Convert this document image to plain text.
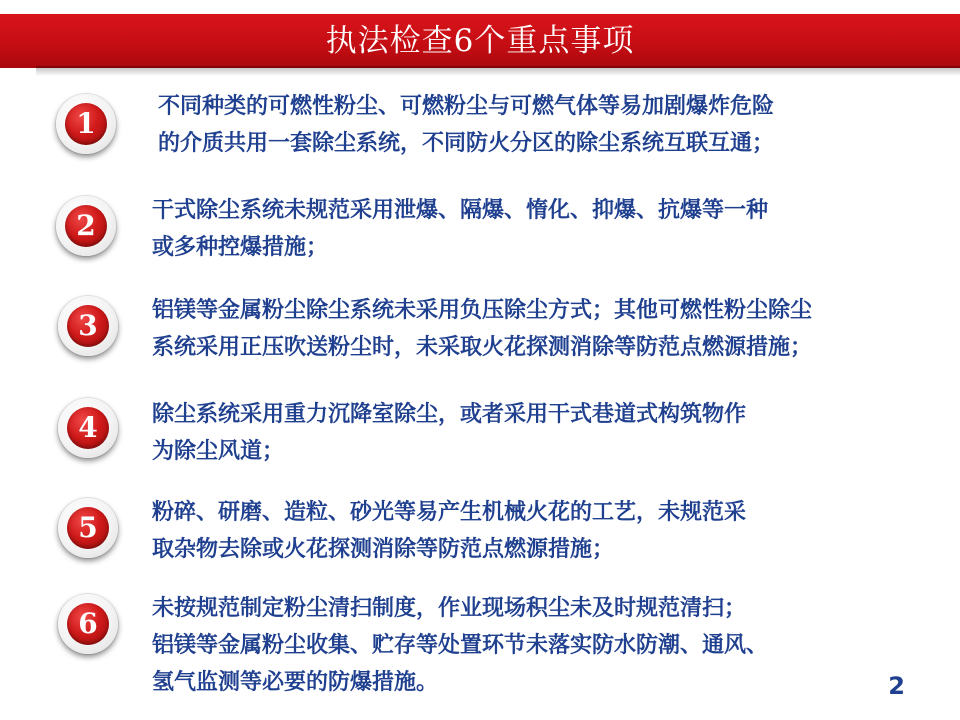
执法检查6个重点事项
1
不同种类的可燃性粉尘、可燃粉尘与可燃气体等易加剧爆炸危险
的介质共用一套除尘系统，不同防火分区的除尘系统互联互通；
2	干式除尘系统未规范采用泄爆、隔爆、惰化、抑爆、抗爆等一种
或多种控爆措施；
3	铝镁等金属粉尘除尘系统未采用负压除尘方式；其他可燃性粉尘除尘
系统采用正压吹送粉尘时，未采取火花探测消除等防范点燃源措施；
4	除尘系统采用重力沉降室除尘，或者采用干式巷道式构筑物作
为除尘风道；
5	粉碎、研磨、造粒、砂光等易产生机械火花的工艺，未规范采
取杂物去除或火花探测消除等防范点燃源措施；
6	未按规范制定粉尘清扫制度，作业现场积尘未及时规范清扫；
铝镁等金属粉尘收集、贮存等处置环节未落实防水防潮、通风、
氢气监测等必要的防爆措施。	2
